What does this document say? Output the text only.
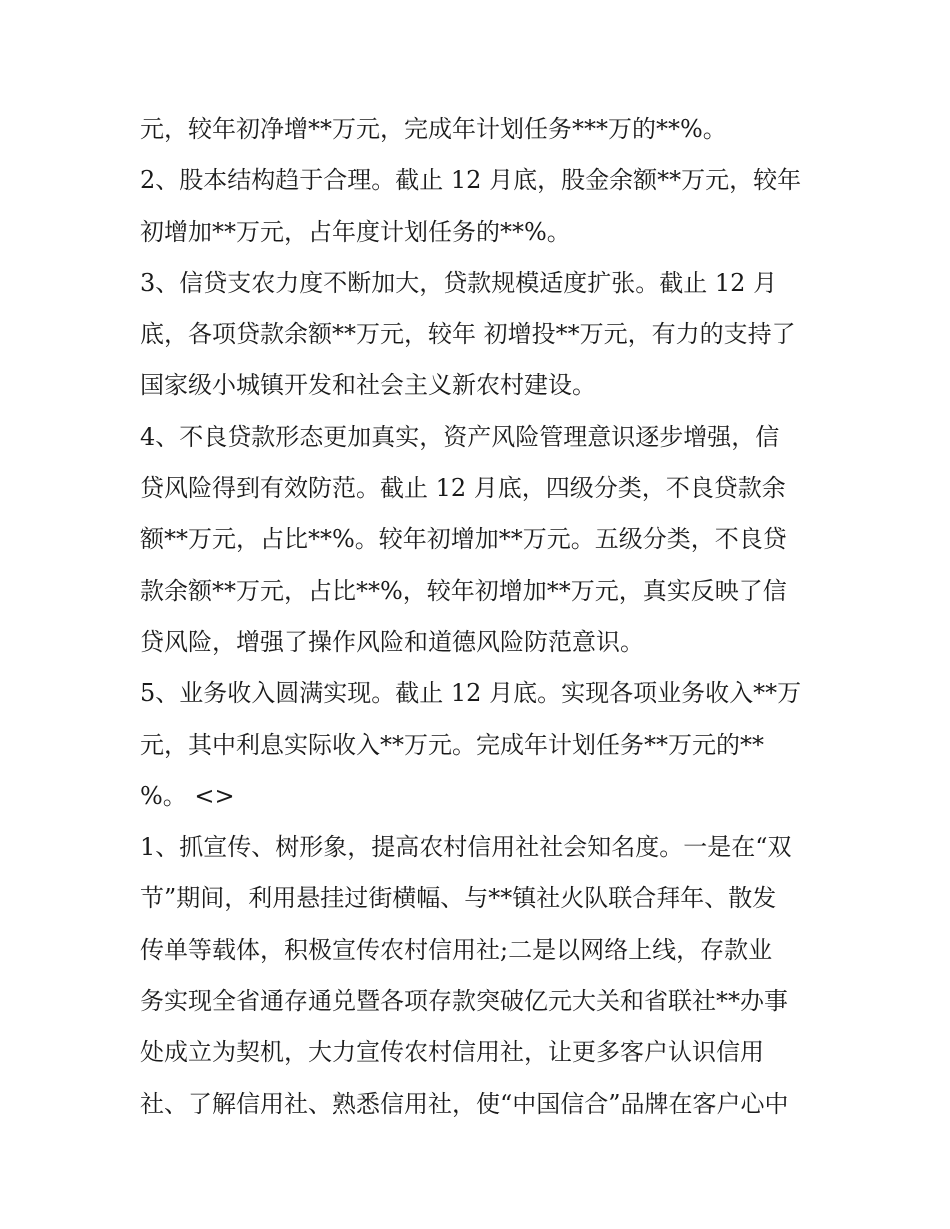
元，较年初净增**万元，完成年计划任务***万的**%。
2、股本结构趋于合理。截止 12 月底，股金余额**万元，较年
初增加**万元，占年度计划任务的**%。
3、信贷支农力度不断加大，贷款规模适度扩张。截止 12 月
底，各项贷款余额**万元，较年 初增投**万元，有力的支持了
国家级小城镇开发和社会主义新农村建设。
4、不良贷款形态更加真实，资产风险管理意识逐步增强，信
贷风险得到有效防范。截止 12 月底，四级分类，不良贷款余
额**万元，占比**%。较年初增加**万元。五级分类，不良贷
款余额**万元，占比**%，较年初增加**万元，真实反映了信
贷风险，增强了操作风险和道德风险防范意识。
5、业务收入圆满实现。截止 12 月底。实现各项业务收入**万
元，其中利息实际收入**万元。完成年计划任务**万元的**
%。 <>
1、抓宣传、树形象，提高农村信用社社会知名度。一是在“双
节”期间，利用悬挂过街横幅、与**镇社火队联合拜年、散发
传单等载体，积极宣传农村信用社;二是以网络上线，存款业
务实现全省通存通兑暨各项存款突破亿元大关和省联社**办事
处成立为契机，大力宣传农村信用社，让更多客户认识信用
社、了解信用社、熟悉信用社，使“中国信合”品牌在客户心中
